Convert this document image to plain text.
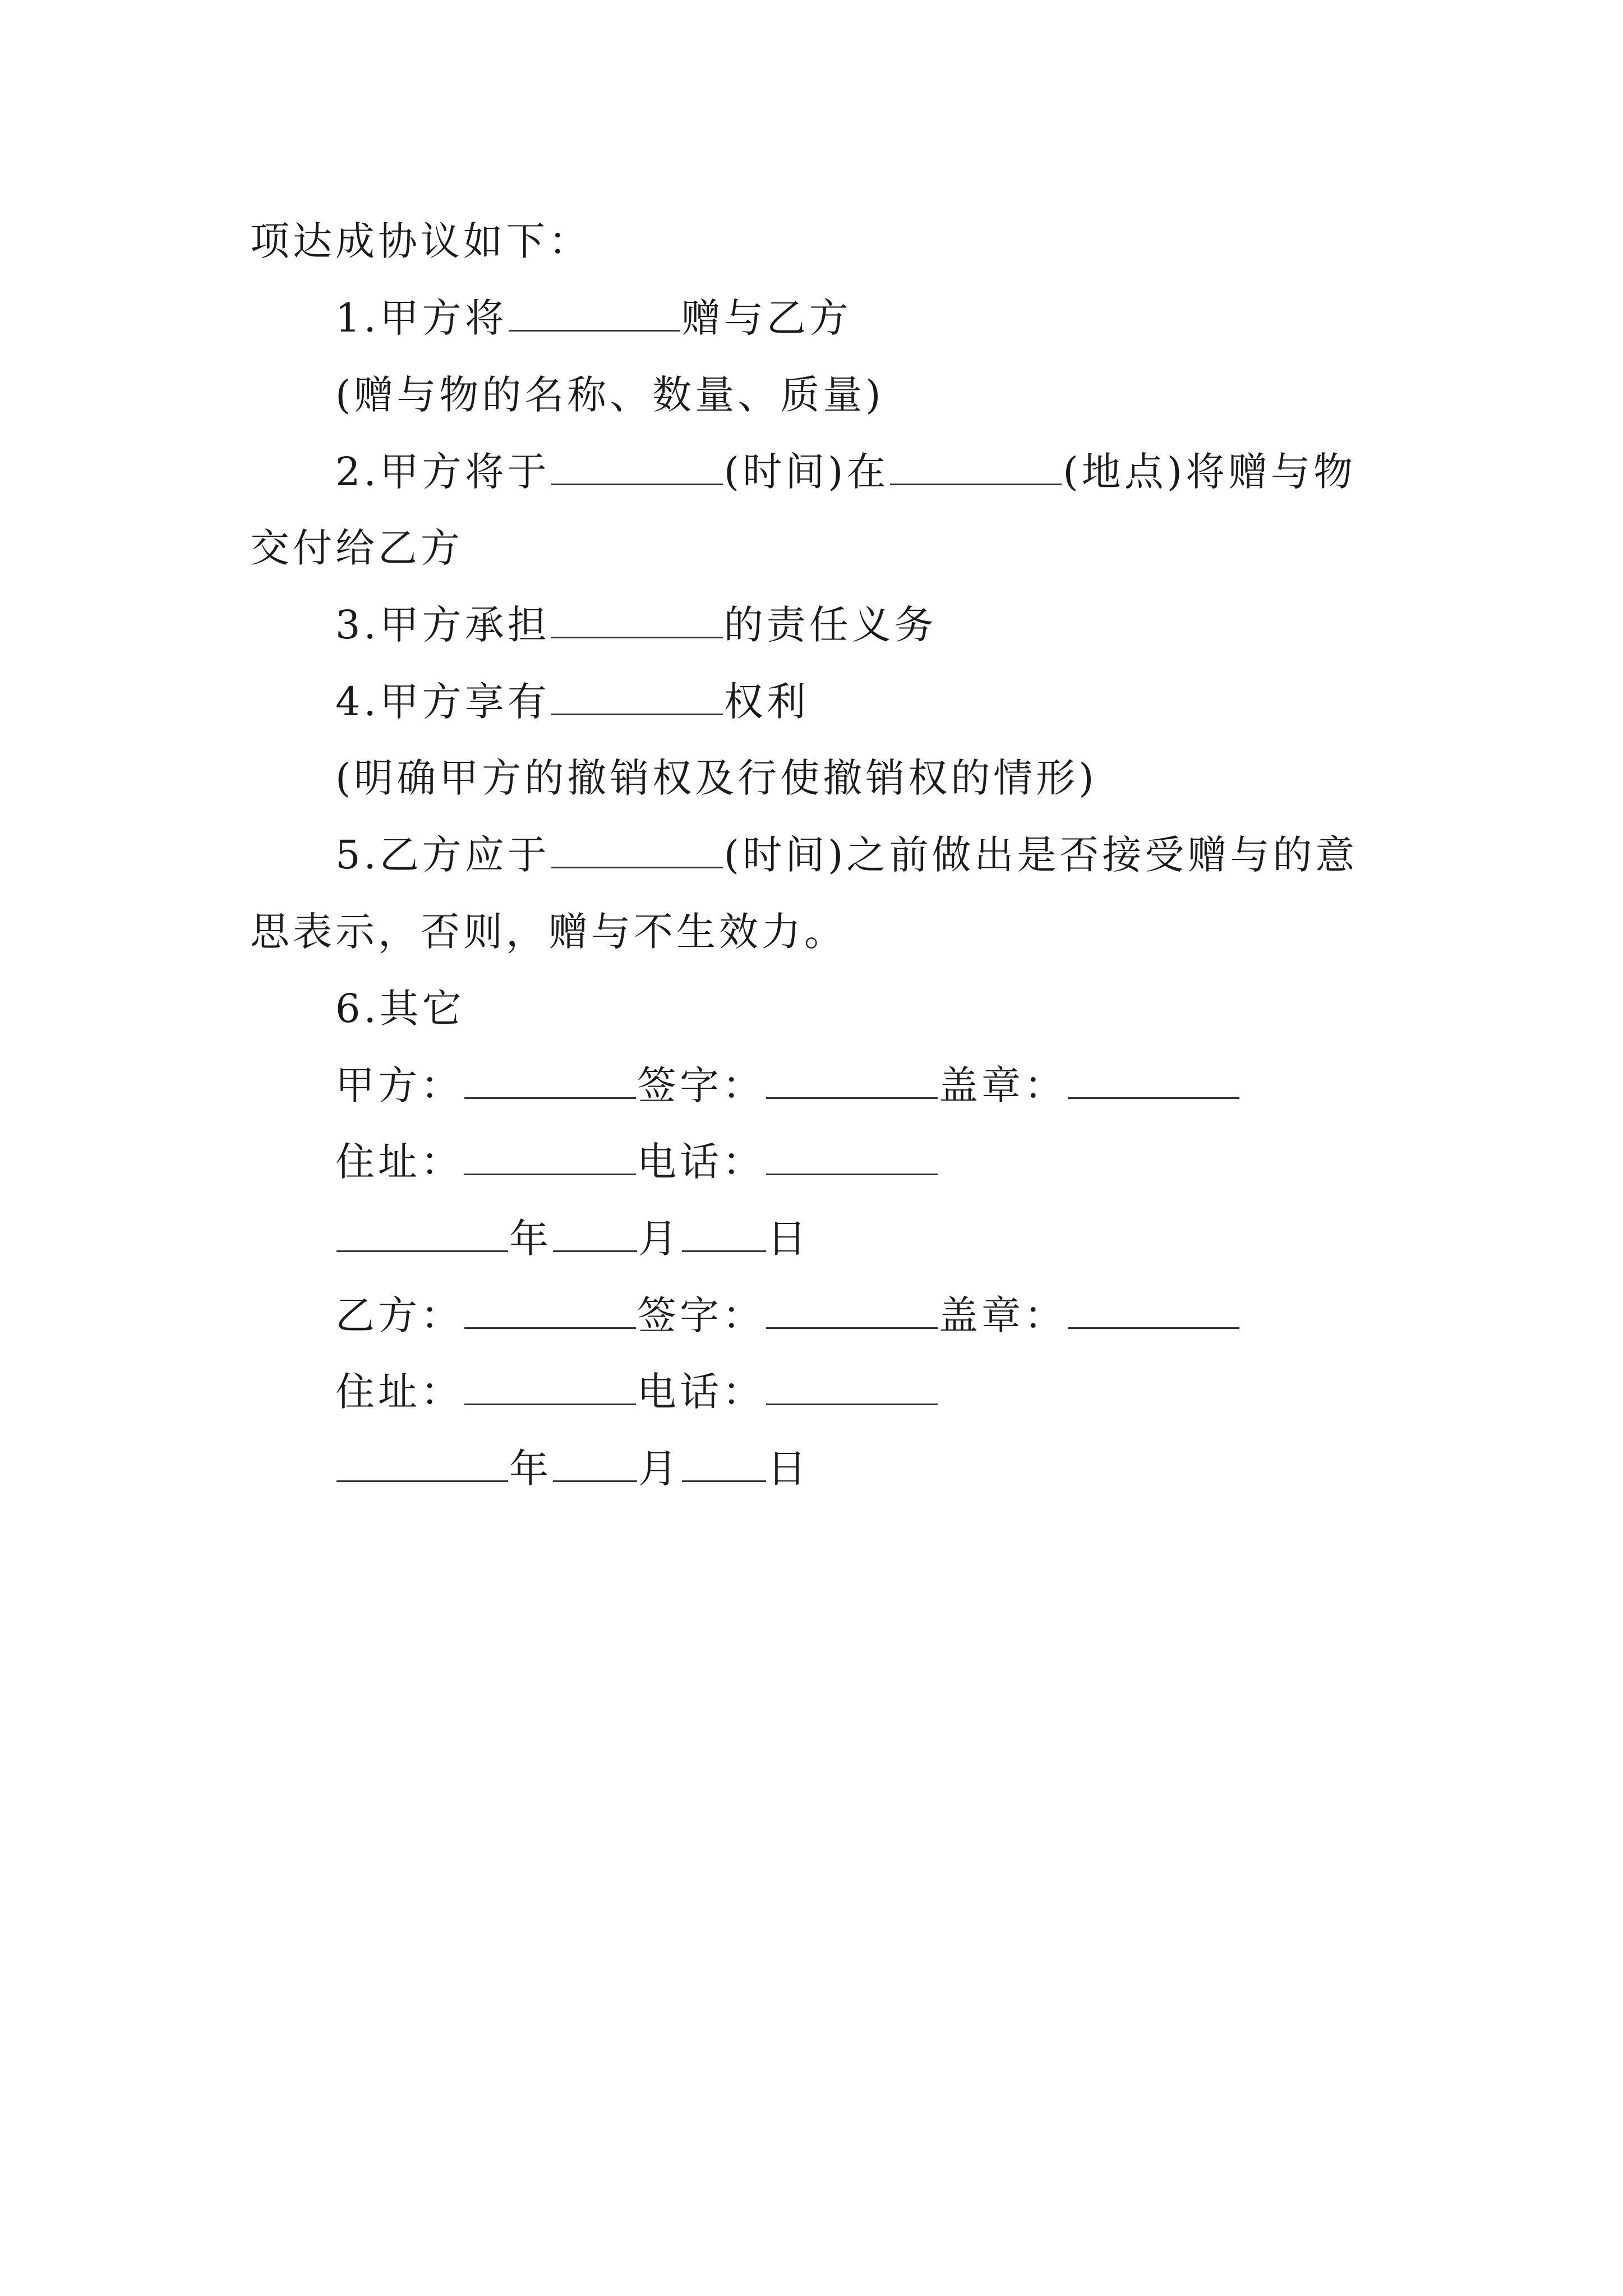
项达成协议如下：
1.甲方将	赠与乙方
(赠与物的名称、数量、质量)
2.甲方将于	(时间)在	(地点)将赠与物
交付给乙方
3.甲方承担	的责任义务
4.甲方享有	权利
(明确甲方的撤销权及行使撤销权的情形)
5.乙方应于	(时间)之前做出是否接受赠与的意
思表示，否则，赠与不生效力。
6.其它
甲方：	签字：	盖章：
住址：	电话：
年 月 日
乙方：	签字：	盖章：
住址：	电话：
年 月 日
